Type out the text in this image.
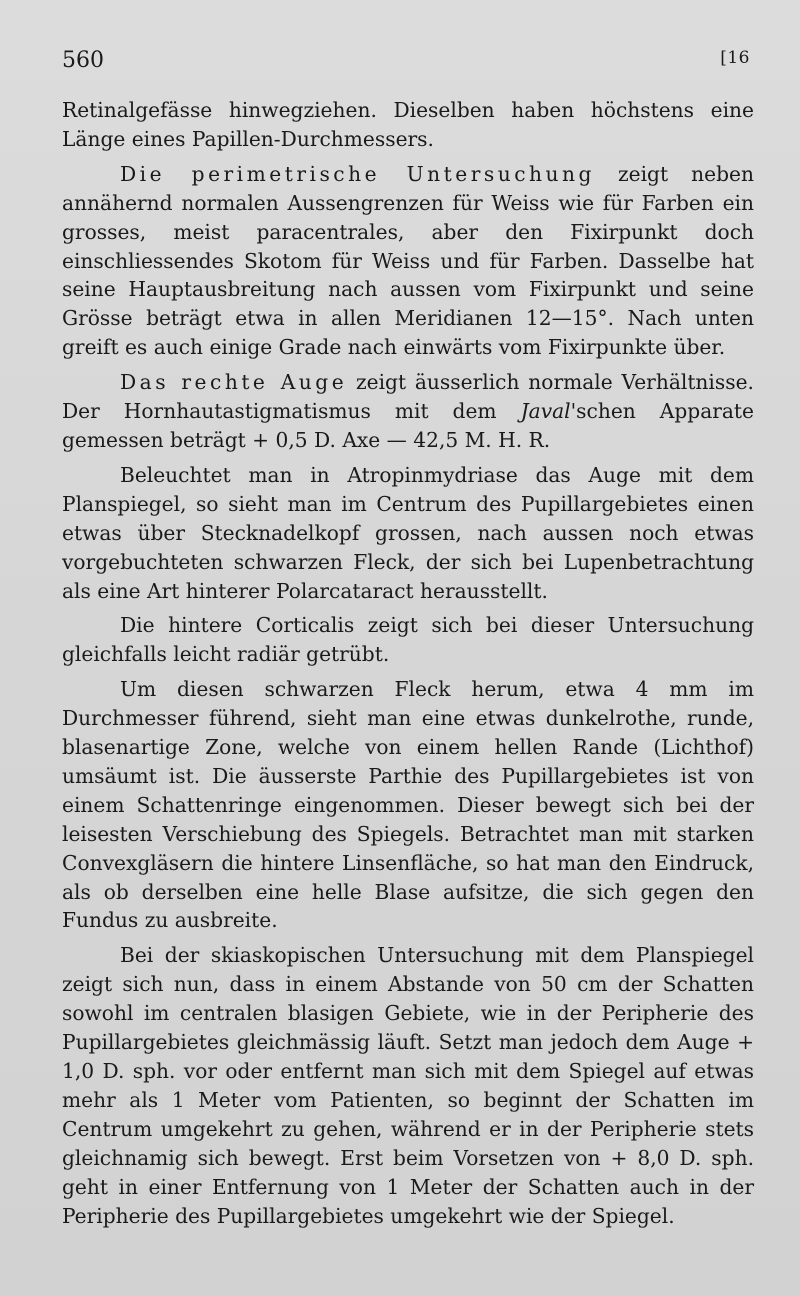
560	[16

Retinalgefässe hinwegziehen. Dieselben haben höchstens eine Länge eines Papillen-Durchmessers.

Die perimetrische Untersuchung zeigt neben annähernd normalen Aussengrenzen für Weiss wie für Farben ein grosses, meist paracentrales, aber den Fixirpunkt doch einschliessendes Skotom für Weiss und für Farben. Dasselbe hat seine Hauptausbreitung nach aussen vom Fixirpunkt und seine Grösse beträgt etwa in allen Meridianen 12—15°. Nach unten greift es auch einige Grade nach einwärts vom Fixirpunkte über.

Das rechte Auge zeigt äusserlich normale Verhältnisse. Der Hornhautastigmatismus mit dem Javal'schen Apparate gemessen beträgt + 0,5 D. Axe — 42,5 M. H. R.

Beleuchtet man in Atropinmydriase das Auge mit dem Planspiegel, so sieht man im Centrum des Pupillargebietes einen etwas über Stecknadelkopf grossen, nach aussen noch etwas vorgebuchteten schwarzen Fleck, der sich bei Lupenbetrachtung als eine Art hinterer Polarcataract herausstellt.

Die hintere Corticalis zeigt sich bei dieser Untersuchung gleichfalls leicht radiär getrübt.

Um diesen schwarzen Fleck herum, etwa 4 mm im Durchmesser führend, sieht man eine etwas dunkelrothe, runde, blasenartige Zone, welche von einem hellen Rande (Lichthof) umsäumt ist. Die äusserste Parthie des Pupillargebietes ist von einem Schattenringe eingenommen. Dieser bewegt sich bei der leisesten Verschiebung des Spiegels. Betrachtet man mit starken Convexgläsern die hintere Linsenfläche, so hat man den Eindruck, als ob derselben eine helle Blase aufsitze, die sich gegen den Fundus zu ausbreite.

Bei der skiaskopischen Untersuchung mit dem Planspiegel zeigt sich nun, dass in einem Abstande von 50 cm der Schatten sowohl im centralen blasigen Gebiete, wie in der Peripherie des Pupillargebietes gleichmässig läuft. Setzt man jedoch dem Auge + 1,0 D. sph. vor oder entfernt man sich mit dem Spiegel auf etwas mehr als 1 Meter vom Patienten, so beginnt der Schatten im Centrum umgekehrt zu gehen, während er in der Peripherie stets gleichnamig sich bewegt. Erst beim Vorsetzen von + 8,0 D. sph. geht in einer Entfernung von 1 Meter der Schatten auch in der Peripherie des Pupillargebietes umgekehrt wie der Spiegel.
